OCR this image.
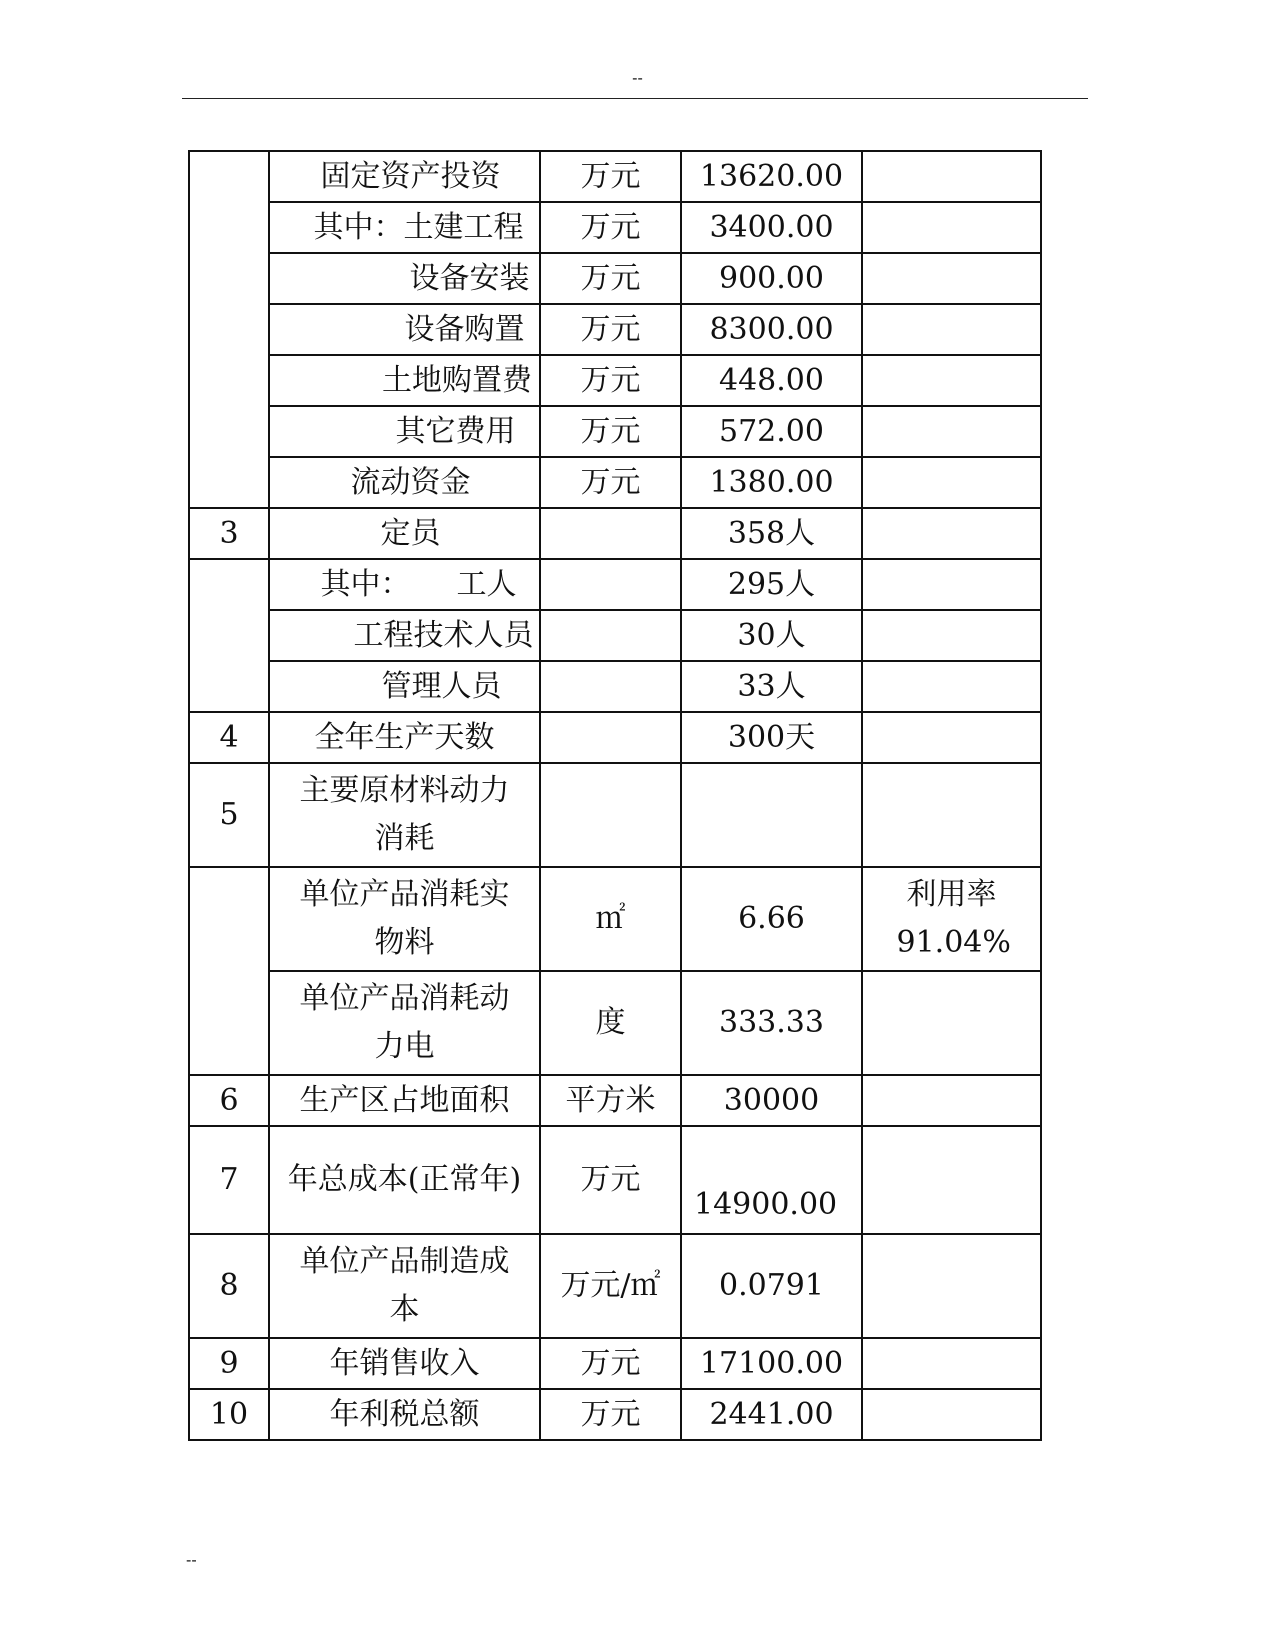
--
	固定资产投资	万元	13620.00	
	其中：土建工程	万元	3400.00	
	设备安装	万元	900.00	
	设备购置	万元	8300.00	
	土地购置费	万元	448.00	
	其它费用	万元	572.00	
	流动资金	万元	1380.00	
3	定员		358人	
	其中： 工人		295人	
	工程技术人员		30人	
	管理人员		33人	
4	全年生产天数		300天	
5	主要原材料动力消耗			
	单位产品消耗实物料	㎡	6.66	利用率91.04%
	单位产品消耗动力电	度	333.33	
6	生产区占地面积	平方米	30000	
7	年总成本(正常年)	万元	14900.00	
8	单位产品制造成本	万元/㎡	0.0791	
9	年销售收入	万元	17100.00	
10	年利税总额	万元	2441.00	
--
